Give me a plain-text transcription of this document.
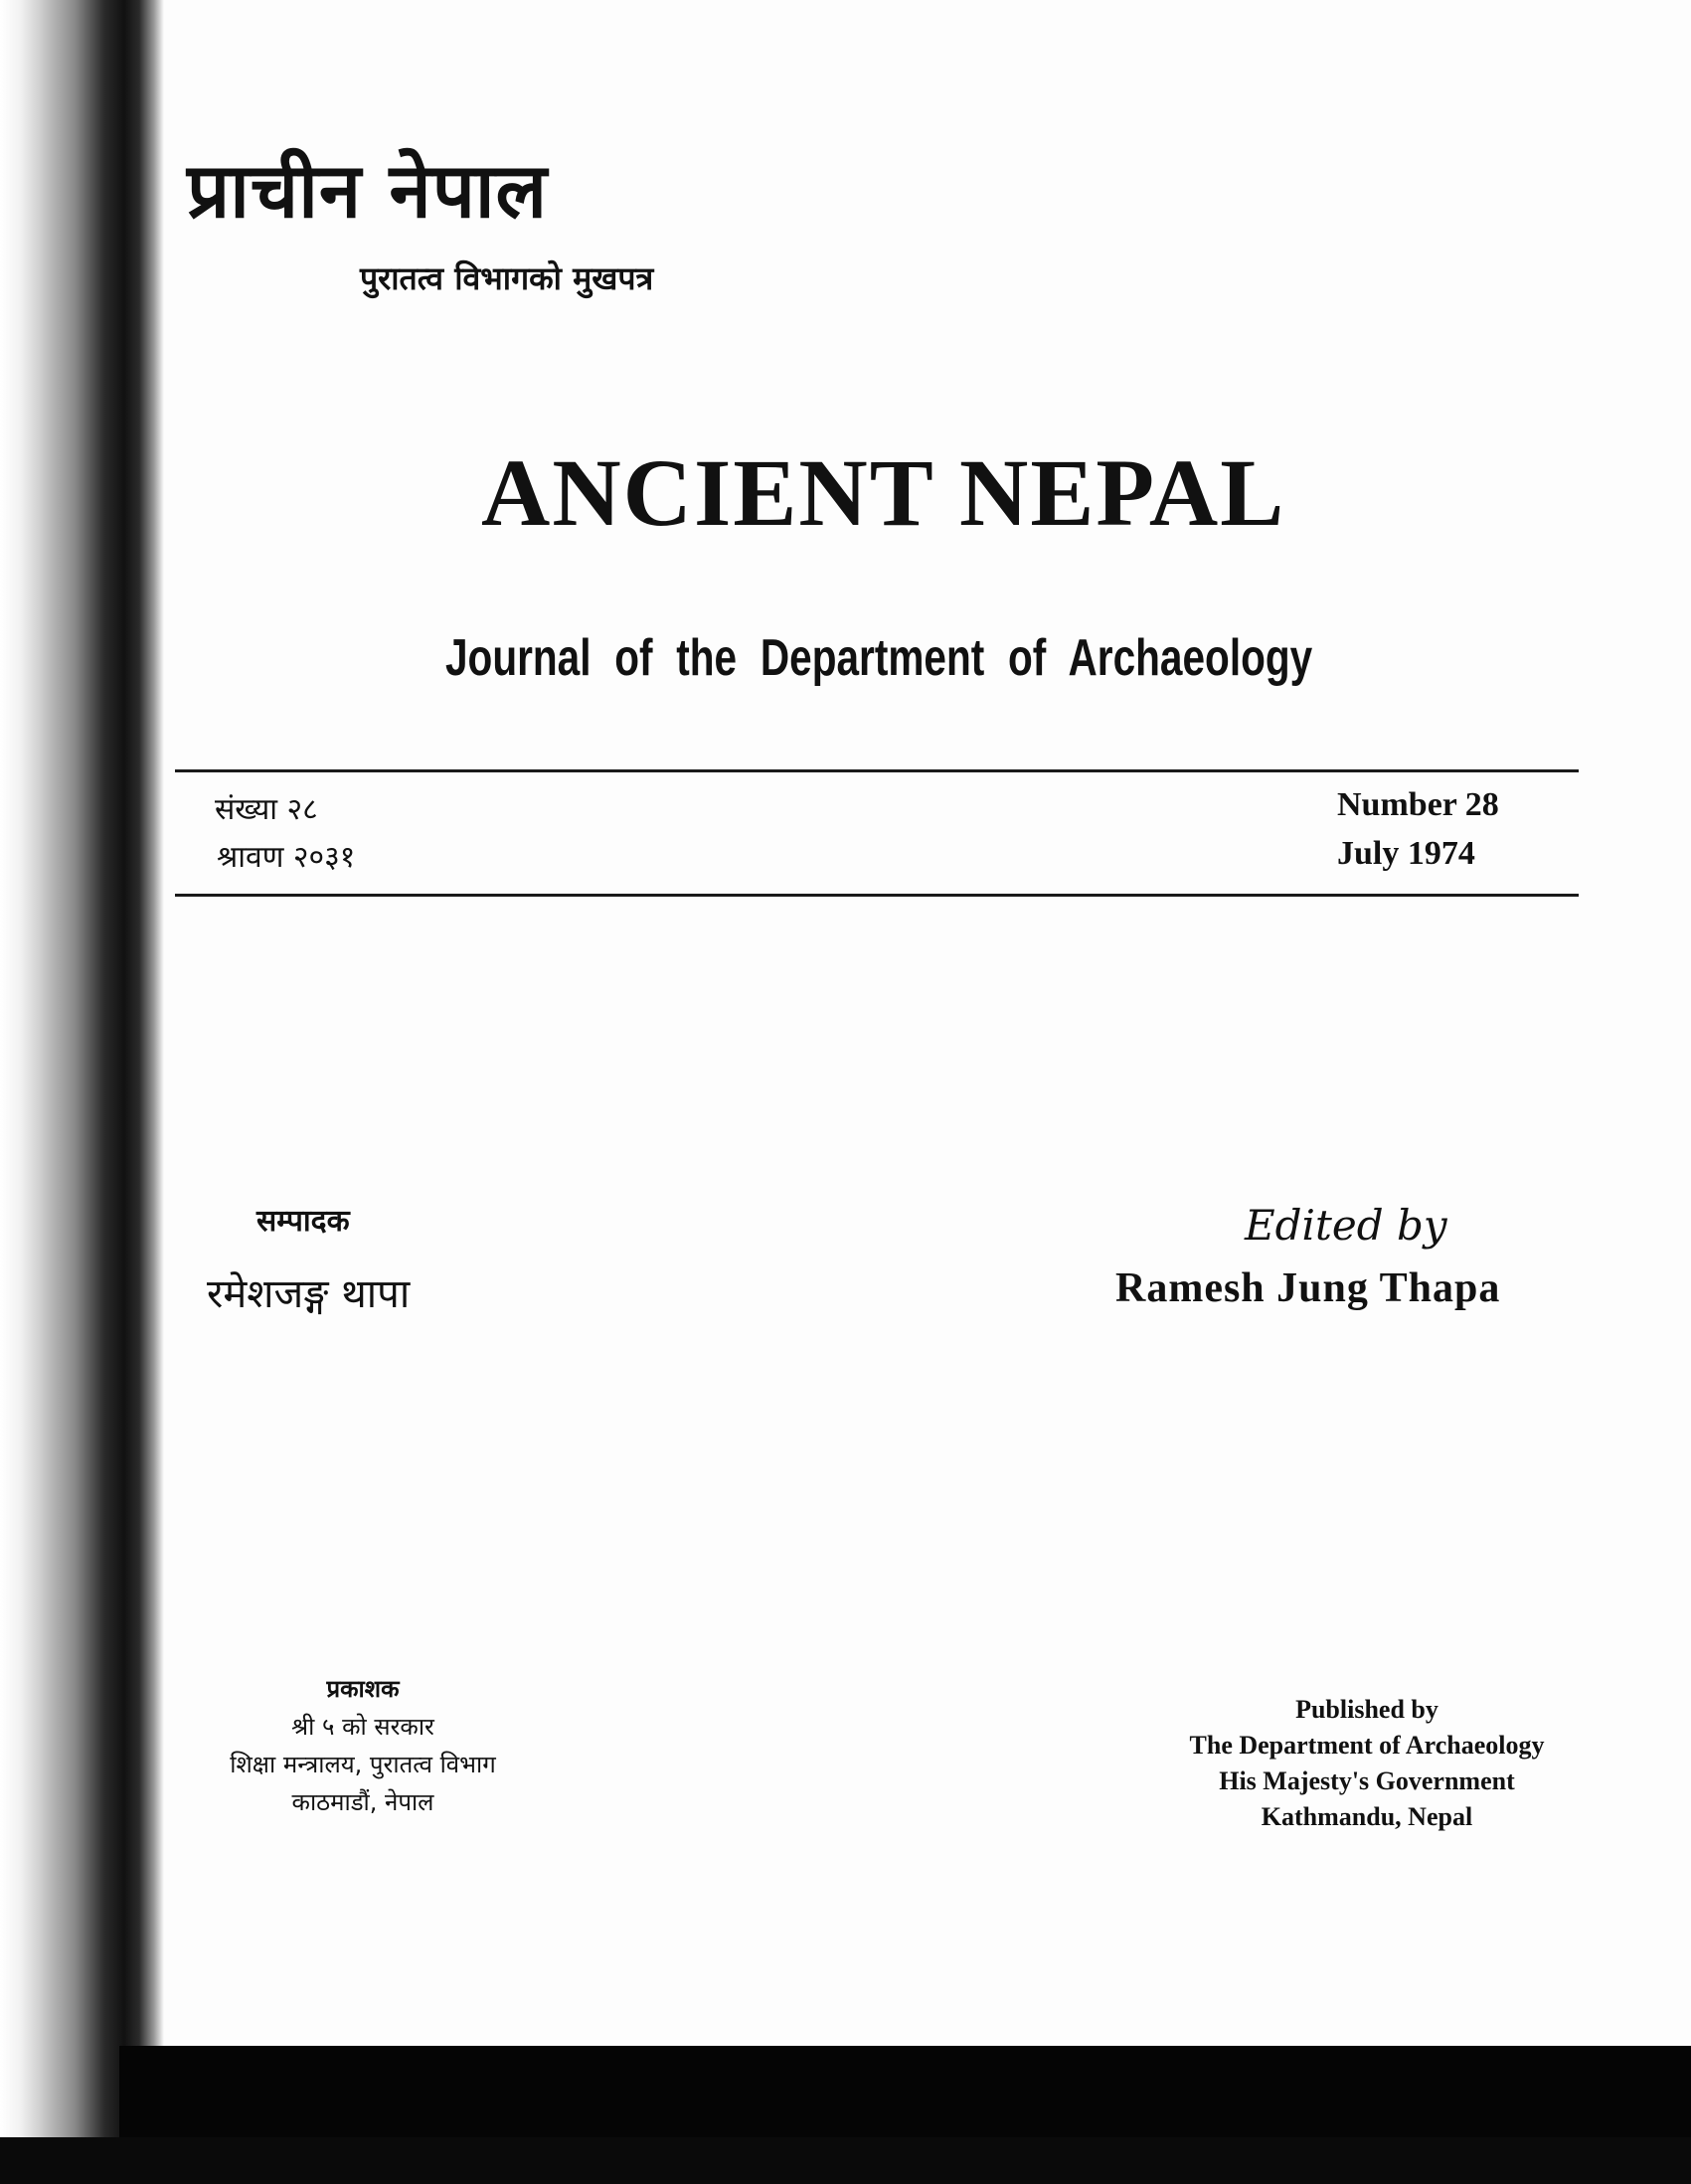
प्राचीन नेपाल
पुरातत्व विभागको मुखपत्र
ANCIENT NEPAL
Journal of the Department of Archaeology
संख्या २८
श्रावण २०३१
Number 28
July 1974
सम्पादक
रमेशजङ्ग थापा
Edited by
Ramesh Jung Thapa
प्रकाशक
श्री ५ को सरकार
शिक्षा मन्त्रालय, पुरातत्व विभाग
काठमाडौं, नेपाल
Published by
The Department of Archaeology
His Majesty's Government
Kathmandu, Nepal
